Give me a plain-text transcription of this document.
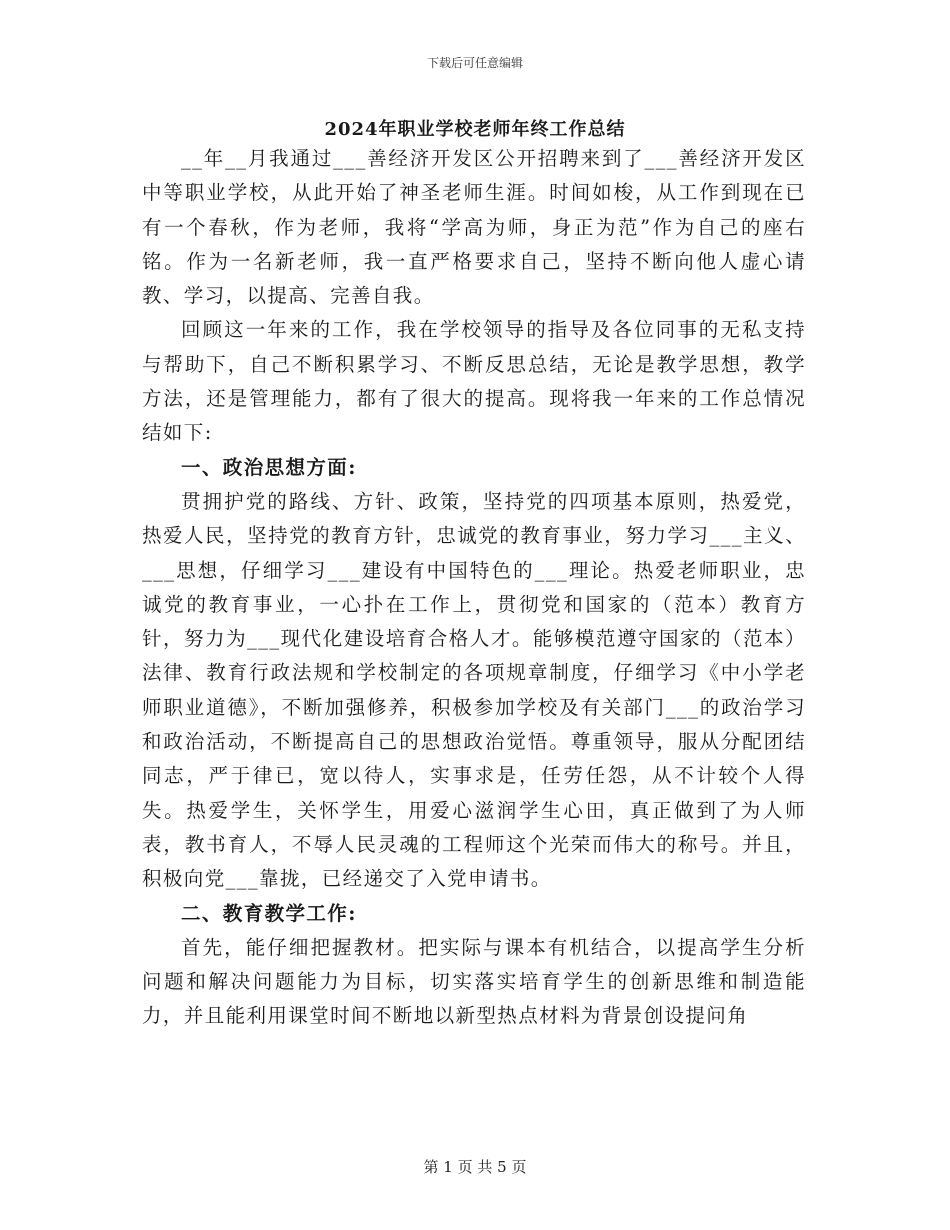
下载后可任意编辑
2024年职业学校老师年终工作总结

__年__月我通过___善经济开发区公开招聘来到了___善经济开发区中等职业学校，从此开始了神圣老师生涯。时间如梭，从工作到现在已有一个春秋，作为老师，我将“学高为师，身正为范”作为自己的座右铭。作为一名新老师，我一直严格要求自己，坚持不断向他人虚心请教、学习，以提高、完善自我。

回顾这一年来的工作，我在学校领导的指导及各位同事的无私支持与帮助下，自己不断积累学习、不断反思总结，无论是教学思想，教学方法，还是管理能力，都有了很大的提高。现将我一年来的工作总情况结如下:

一、政治思想方面:

贯拥护党的路线、方针、政策，坚持党的四项基本原则，热爱党，热爱人民，坚持党的教育方针，忠诚党的教育事业，努力学习___主义、___思想，仔细学习___建设有中国特色的___理论。热爱老师职业，忠诚党的教育事业，一心扑在工作上，贯彻党和国家的（范本）教育方针，努力为___现代化建设培育合格人才。能够模范遵守国家的（范本）法律、教育行政法规和学校制定的各项规章制度，仔细学习《中小学老师职业道德》，不断加强修养，积极参加学校及有关部门___的政治学习和政治活动，不断提高自己的思想政治觉悟。尊重领导，服从分配团结同志，严于律已，宽以待人，实事求是，任劳任怨，从不计较个人得失。热爱学生，关怀学生，用爱心滋润学生心田，真正做到了为人师表，教书育人，不辱人民灵魂的工程师这个光荣而伟大的称号。并且，积极向党___靠拢，已经递交了入党申请书。

二、教育教学工作:

首先，能仔细把握教材。把实际与课本有机结合，以提高学生分析问题和解决问题能力为目标，切实落实培育学生的创新思维和制造能力，并且能利用课堂时间不断地以新型热点材料为背景创设提问角

第 1 页 共 5 页
